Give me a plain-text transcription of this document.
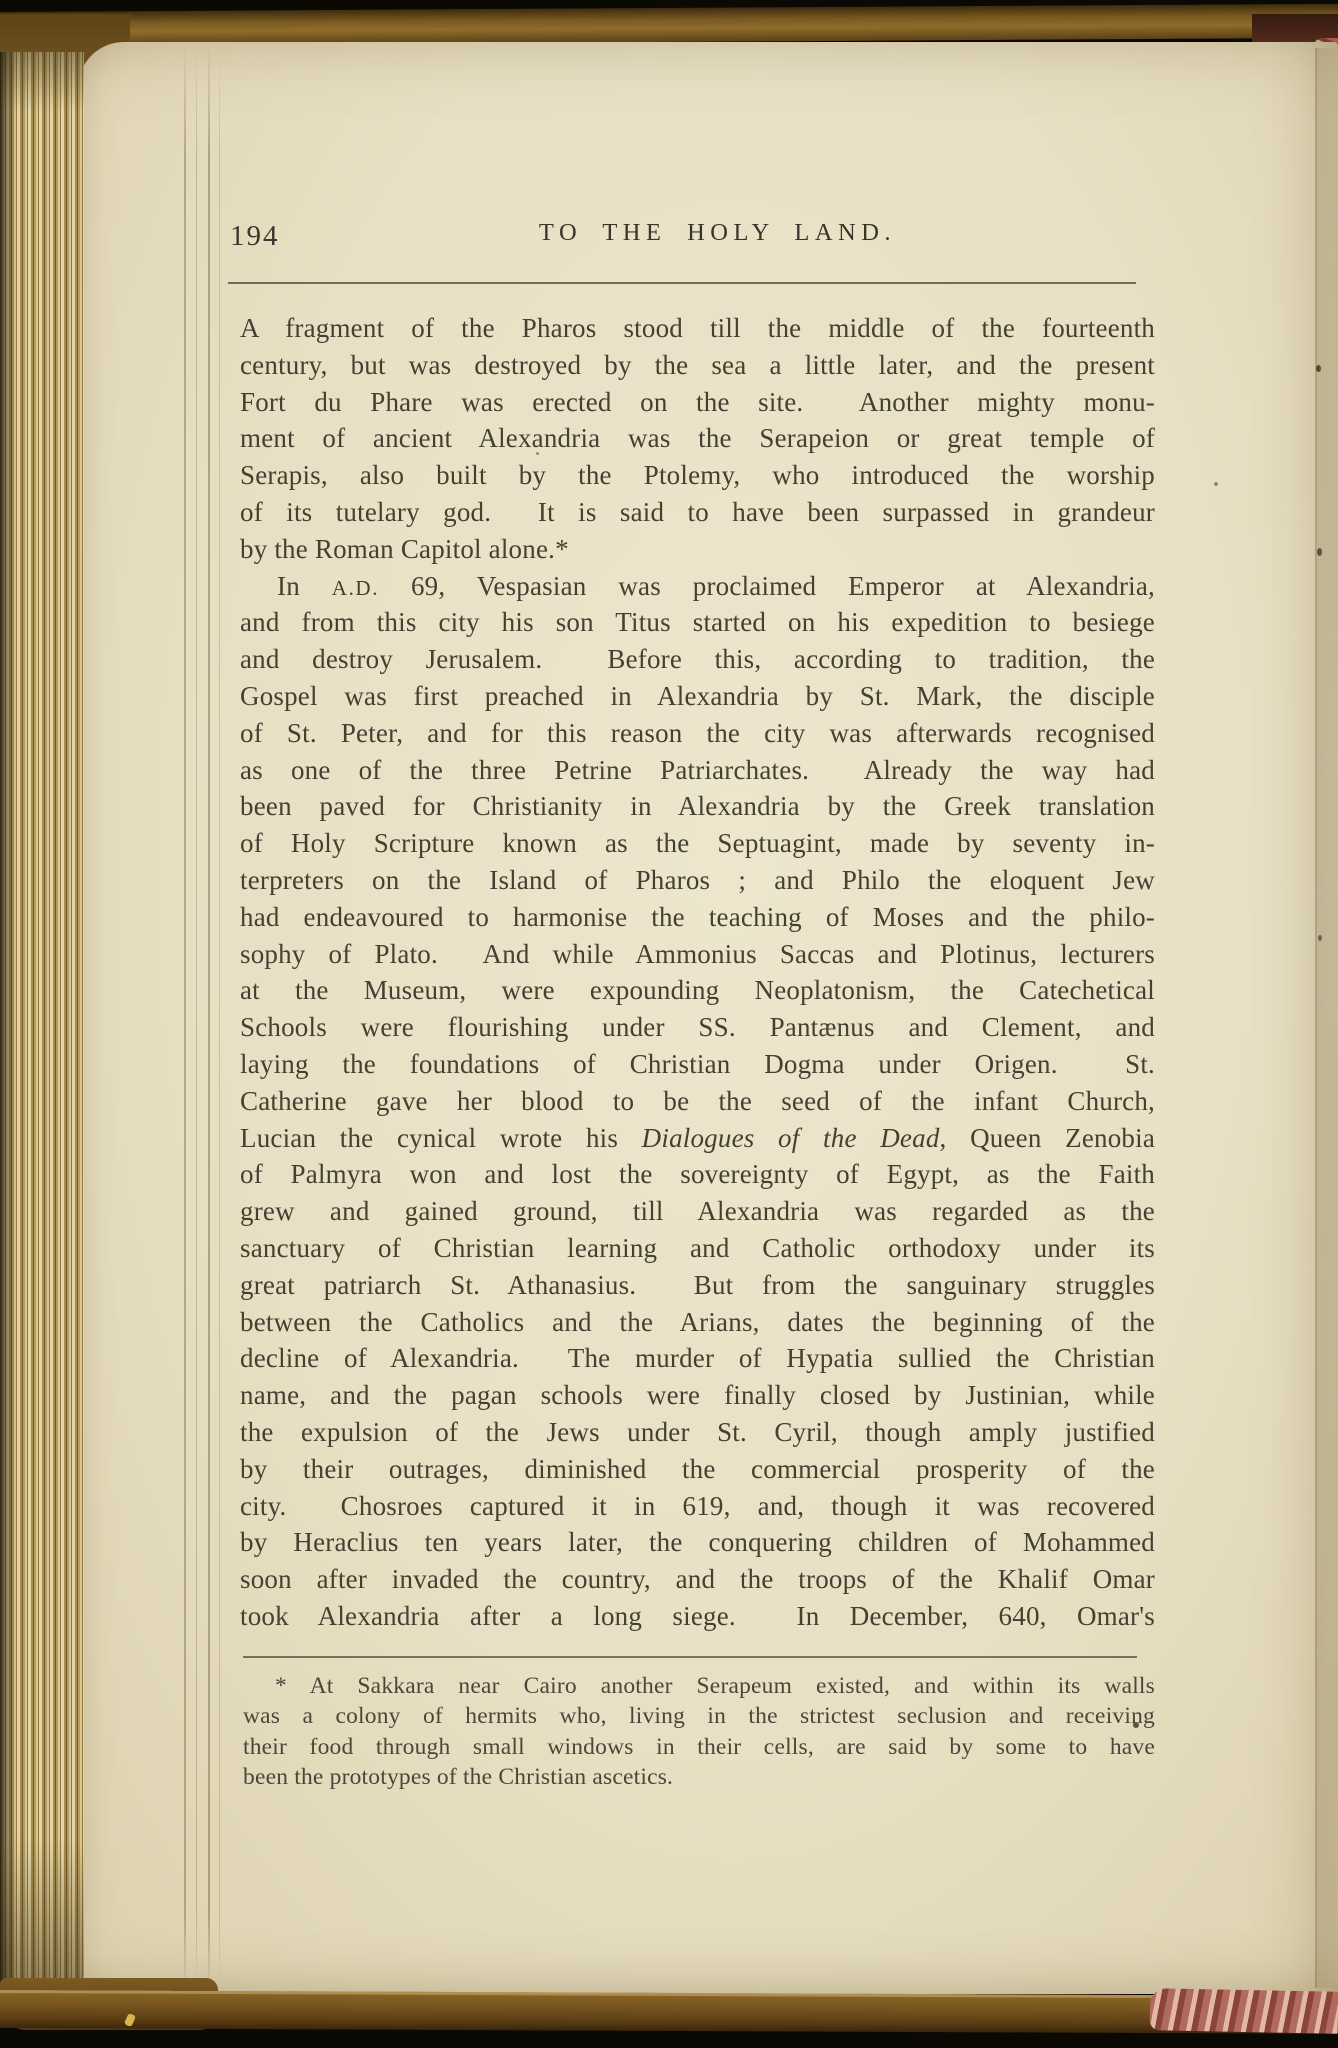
194	TO THE HOLY LAND.
A fragment of the Pharos stood till the middle of the fourteenth
century, but was destroyed by the sea a little later, and the present
Fort du Phare was erected on the site.  Another mighty monu-
ment of ancient Alexandria was the Serapeion or great temple of
Serapis, also built by the Ptolemy, who introduced the worship
of its tutelary god.  It is said to have been surpassed in grandeur
by the Roman Capitol alone.*
In A.D. 69, Vespasian was proclaimed Emperor at Alexandria,
and from this city his son Titus started on his expedition to besiege
and destroy Jerusalem.  Before this, according to tradition, the
Gospel was first preached in Alexandria by St. Mark, the disciple
of St. Peter, and for this reason the city was afterwards recognised
as one of the three Petrine Patriarchates.  Already the way had
been paved for Christianity in Alexandria by the Greek translation
of Holy Scripture known as the Septuagint, made by seventy in-
terpreters on the Island of Pharos ; and Philo the eloquent Jew
had endeavoured to harmonise the teaching of Moses and the philo-
sophy of Plato.  And while Ammonius Saccas and Plotinus, lecturers
at the Museum, were expounding Neoplatonism, the Catechetical
Schools were flourishing under SS. Pantænus and Clement, and
laying the foundations of Christian Dogma under Origen.  St.
Catherine gave her blood to be the seed of the infant Church,
Lucian the cynical wrote his Dialogues of the Dead, Queen Zenobia
of Palmyra won and lost the sovereignty of Egypt, as the Faith
grew and gained ground, till Alexandria was regarded as the
sanctuary of Christian learning and Catholic orthodoxy under its
great patriarch St. Athanasius.  But from the sanguinary struggles
between the Catholics and the Arians, dates the beginning of the
decline of Alexandria.  The murder of Hypatia sullied the Christian
name, and the pagan schools were finally closed by Justinian, while
the expulsion of the Jews under St. Cyril, though amply justified
by their outrages, diminished the commercial prosperity of the
city.  Chosroes captured it in 619, and, though it was recovered
by Heraclius ten years later, the conquering children of Mohammed
soon after invaded the country, and the troops of the Khalif Omar
took Alexandria after a long siege.  In December, 640, Omar's
* At Sakkara near Cairo another Serapeum existed, and within its walls
was a colony of hermits who, living in the strictest seclusion and receiving
their food through small windows in their cells, are said by some to have
been the prototypes of the Christian ascetics.
